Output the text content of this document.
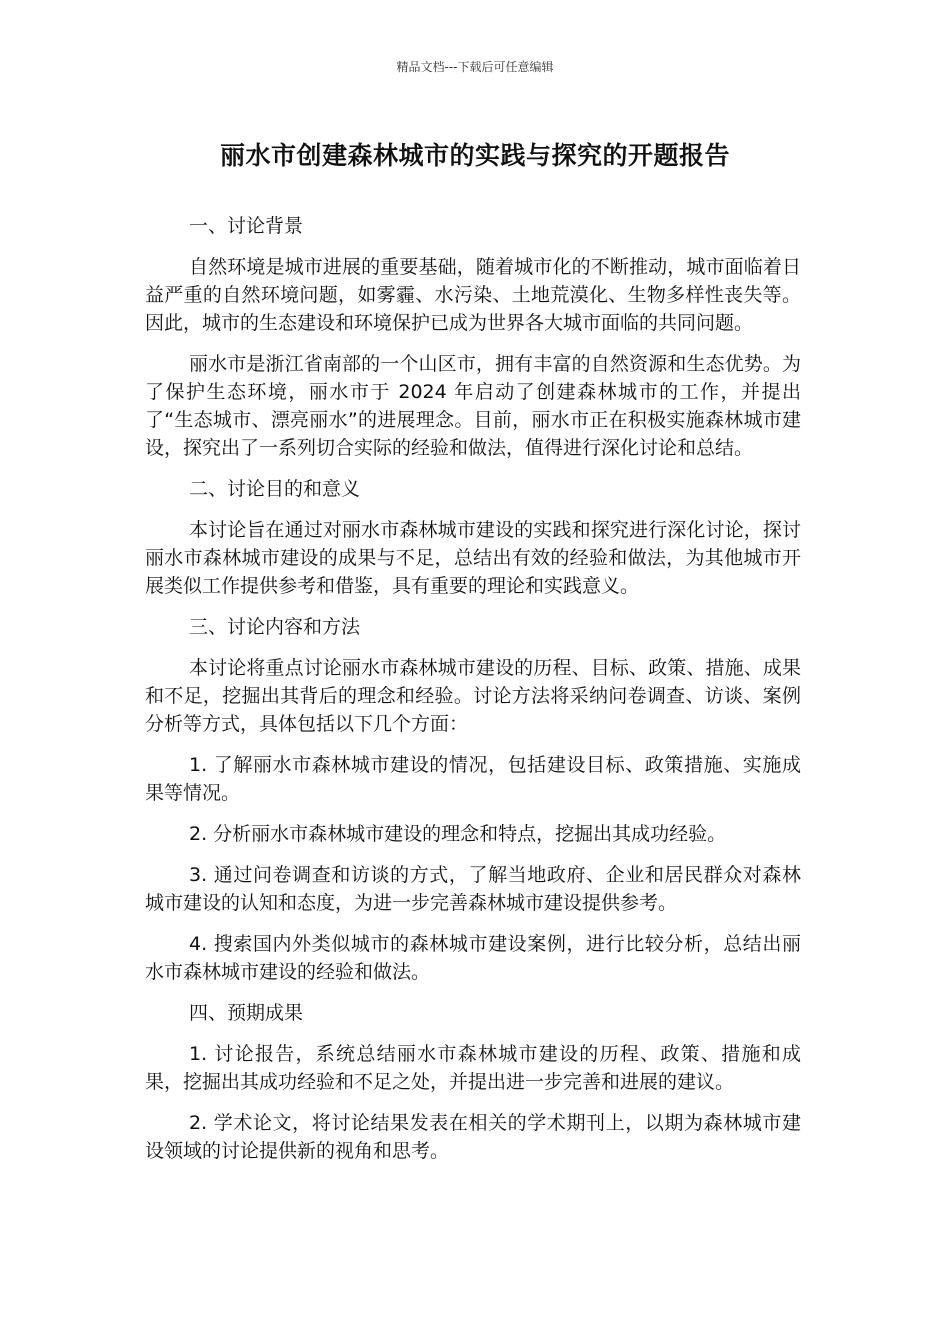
精品文档---下载后可任意编辑
丽水市创建森林城市的实践与探究的开题报告

一、讨论背景

自然环境是城市进展的重要基础，随着城市化的不断推动，城市面临着日益严重的自然环境问题，如雾霾、水污染、土地荒漠化、生物多样性丧失等。因此，城市的生态建设和环境保护已成为世界各大城市面临的共同问题。

丽水市是浙江省南部的一个山区市，拥有丰富的自然资源和生态优势。为了保护生态环境，丽水市于 2024 年启动了创建森林城市的工作，并提出了“生态城市、漂亮丽水”的进展理念。目前，丽水市正在积极实施森林城市建设，探究出了一系列切合实际的经验和做法，值得进行深化讨论和总结。

二、讨论目的和意义

本讨论旨在通过对丽水市森林城市建设的实践和探究进行深化讨论，探讨丽水市森林城市建设的成果与不足，总结出有效的经验和做法，为其他城市开展类似工作提供参考和借鉴，具有重要的理论和实践意义。

三、讨论内容和方法

本讨论将重点讨论丽水市森林城市建设的历程、目标、政策、措施、成果和不足，挖掘出其背后的理念和经验。讨论方法将采纳问卷调查、访谈、案例分析等方式，具体包括以下几个方面：

1. 了解丽水市森林城市建设的情况，包括建设目标、政策措施、实施成果等情况。

2. 分析丽水市森林城市建设的理念和特点，挖掘出其成功经验。

3. 通过问卷调查和访谈的方式，了解当地政府、企业和居民群众对森林城市建设的认知和态度，为进一步完善森林城市建设提供参考。

4. 搜索国内外类似城市的森林城市建设案例，进行比较分析，总结出丽水市森林城市建设的经验和做法。

四、预期成果

1. 讨论报告，系统总结丽水市森林城市建设的历程、政策、措施和成果，挖掘出其成功经验和不足之处，并提出进一步完善和进展的建议。

2. 学术论文，将讨论结果发表在相关的学术期刊上，以期为森林城市建设领域的讨论提供新的视角和思考。
